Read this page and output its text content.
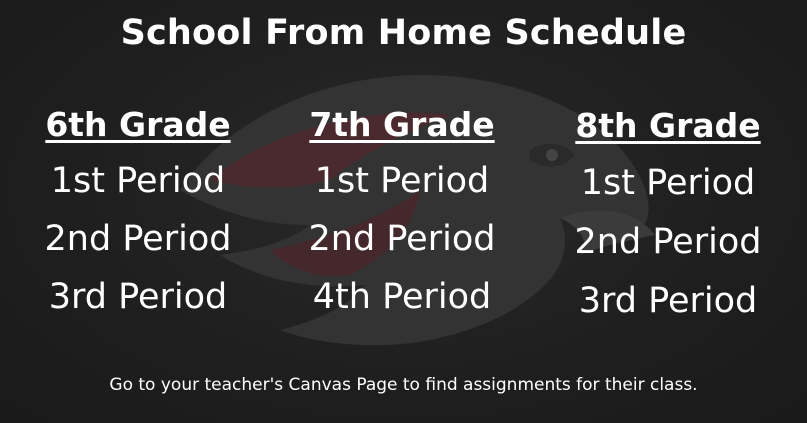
School From Home Schedule
6th Grade
1st Period
2nd Period
3rd Period
7th Grade
1st Period
2nd Period
4th Period
8th Grade
1st Period
2nd Period
3rd Period
Go to your teacher's Canvas Page to find assignments for their class.
